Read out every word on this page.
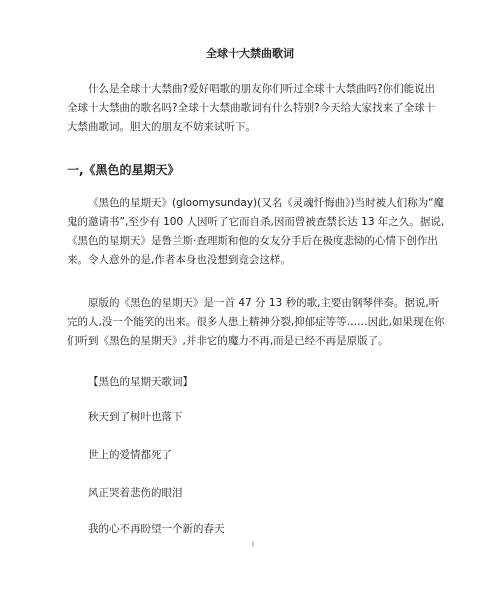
全球十大禁曲歌词

什么是全球十大禁曲?爱好唱歌的朋友你们听过全球十大禁曲吗?你们能说出全球十大禁曲的歌名吗?全球十大禁曲歌词有什么特别?今天给大家找来了全球十大禁曲歌词。胆大的朋友不妨来试听下。

一,《黑色的星期天》

《黑色的星期天》(gloomysunday)(又名《灵魂忏悔曲》)当时被人们称为“魔鬼的邀请书”,至少有 100 人因听了它而自杀,因而曾被查禁长达 13 年之久。据说,《黑色的星期天》是鲁兰斯·查理斯和他的女友分手后在极度悲恸的心情下创作出来。令人意外的是,作者本身也没想到竟会这样。

原版的《黑色的星期天》是一首 47 分 13 秒的歌,主要由钢琴伴奏。据说,听完的人,没一个能笑的出来。很多人患上精神分裂,抑郁症等等……因此,如果现在你们听到《黑色的星期天》,并非它的魔力不再,而是已经不再是原版了。

【黑色的星期天歌词】
秋天到了树叶也落下
世上的爱情都死了
风正哭着悲伤的眼泪
我的心不再盼望一个新的春天
